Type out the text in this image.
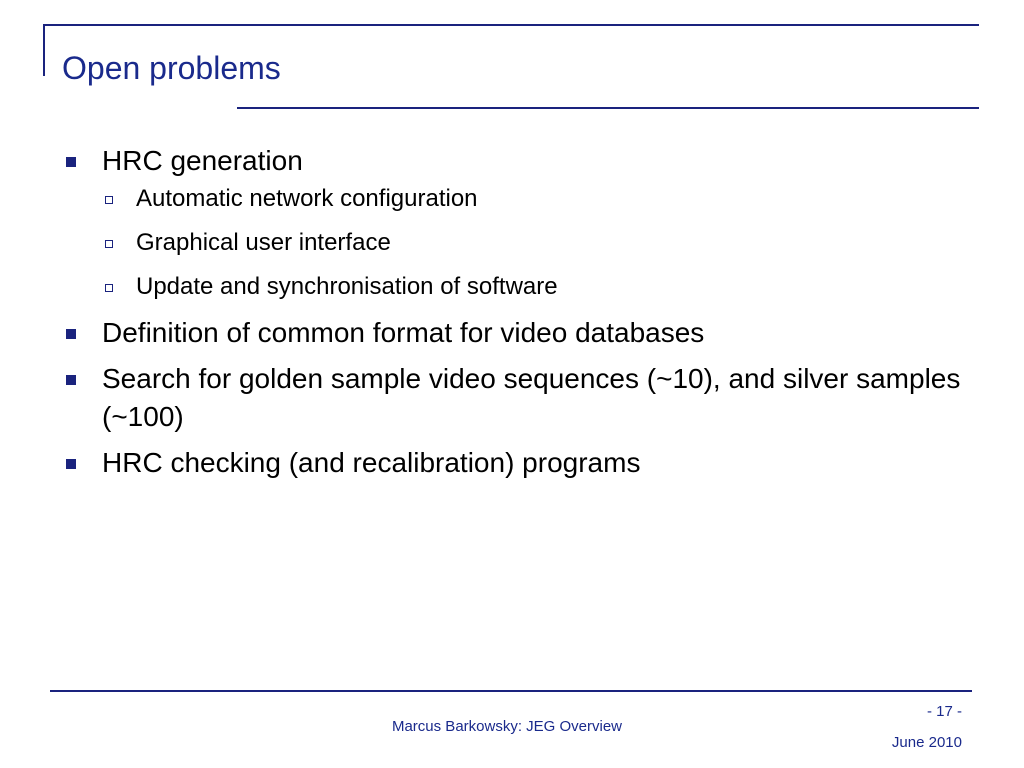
Open problems
HRC generation
Automatic network configuration
Graphical user interface
Update and synchronisation of software
Definition of common format for video databases
Search for golden sample video sequences (~10), and silver samples (~100)
HRC checking (and recalibration) programs
Marcus Barkowsky: JEG Overview
- 17 -
June 2010
